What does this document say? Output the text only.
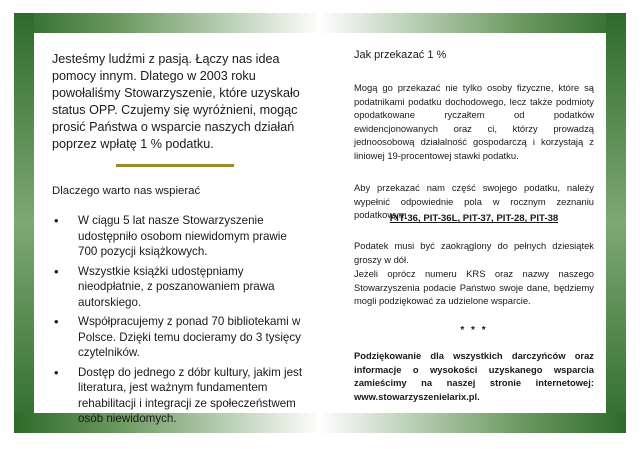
Jesteśmy ludźmi z pasją. Łączy nas idea pomocy innym. Dlatego w 2003 roku powołaliśmy Stowarzyszenie, które uzyskało status OPP. Czujemy się wyróżnieni, mogąc prosić Państwa o wsparcie naszych działań poprzez wpłatę 1 % podatku.

Dlaczego warto nas wspierać

• W ciągu 5 lat nasze Stowarzyszenie udostępniło osobom niewidomym prawie 700 pozycji książkowych.
• Wszystkie książki udostępniamy nieodpłatnie, z poszanowaniem prawa autorskiego.
• Współpracujemy z ponad 70 bibliotekami w Polsce. Dzięki temu docieramy do 3 tysięcy czytelników.
• Dostęp do jednego z dóbr kultury, jakim jest literatura, jest ważnym fundamentem rehabilitacji i integracji ze społeczeństwem osób niewidomych.

Jak przekazać 1 %

Mogą go przekazać nie tylko osoby fizyczne, które są podatnikami podatku dochodowego, lecz także podmioty opodatkowane ryczałtem od podatków ewidencjonowanych oraz ci, którzy prowadzą jednoosobową działalność gospodarczą i korzystają z liniowej 19-procentowej stawki podatku.

Aby przekazać nam część swojego podatku, należy wypełnić odpowiednie pola w rocznym zeznaniu podatkowym

PIT-36, PIT-36L, PIT-37, PIT-28, PIT-38

Podatek musi być zaokrąglony do pełnych dziesiątek groszy w dół.

Jeżeli oprócz numeru KRS oraz nazwy naszego Stowarzyszenia podacie Państwo swoje dane, będziemy mogli podziękować za udzielone wsparcie.

* * *

Podziękowanie dla wszystkich darczyńców oraz informacje o wysokości uzyskanego wsparcia zamieścimy na naszej stronie internetowej: www.stowarzyszenielarix.pl.
